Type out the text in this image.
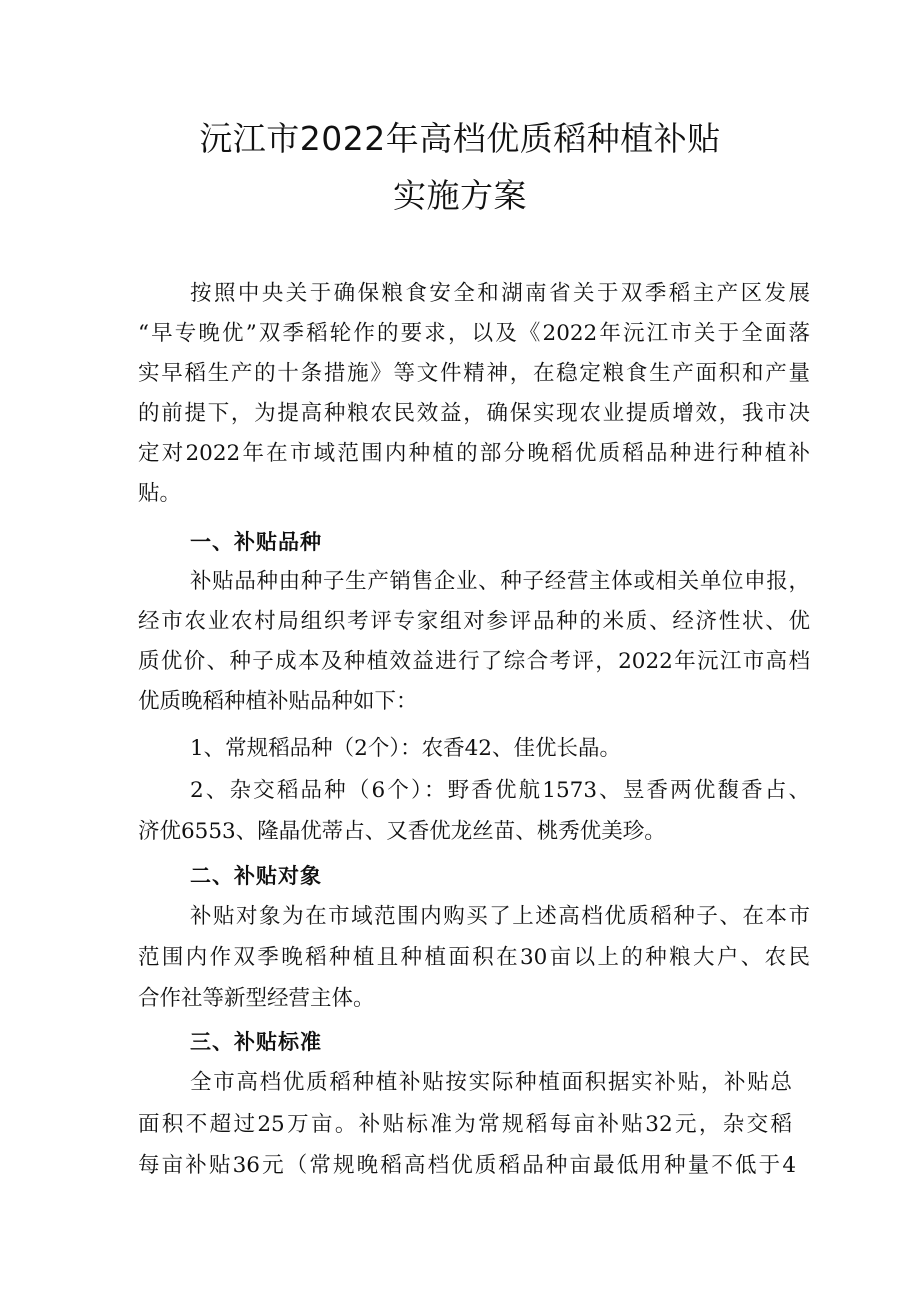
沅江市2022年高档优质稻种植补贴
实施方案
按照中央关于确保粮食安全和湖南省关于双季稻主产区发展
“早专晚优”双季稻轮作的要求，以及《2022年沅江市关于全面落
实早稻生产的十条措施》等文件精神，在稳定粮食生产面积和产量
的前提下，为提高种粮农民效益，确保实现农业提质增效，我市决
定对2022年在市域范围内种植的部分晚稻优质稻品种进行种植补
贴。
一、补贴品种
补贴品种由种子生产销售企业、种子经营主体或相关单位申报，
经市农业农村局组织考评专家组对参评品种的米质、经济性状、优
质优价、种子成本及种植效益进行了综合考评，2022年沅江市高档
优质晚稻种植补贴品种如下：
1、常规稻品种（2个）：农香42、佳优长晶。
2、杂交稻品种（6个）：野香优航1573、昱香两优馥香占、
济优6553、隆晶优蒂占、又香优龙丝苗、桃秀优美珍。
二、补贴对象
补贴对象为在市域范围内购买了上述高档优质稻种子、在本市
范围内作双季晚稻种植且种植面积在30亩以上的种粮大户、农民
合作社等新型经营主体。
三、补贴标准
全市高档优质稻种植补贴按实际种植面积据实补贴，补贴总
面积不超过25万亩。补贴标准为常规稻每亩补贴32元，杂交稻
每亩补贴36元（常规晚稻高档优质稻品种亩最低用种量不低于4
